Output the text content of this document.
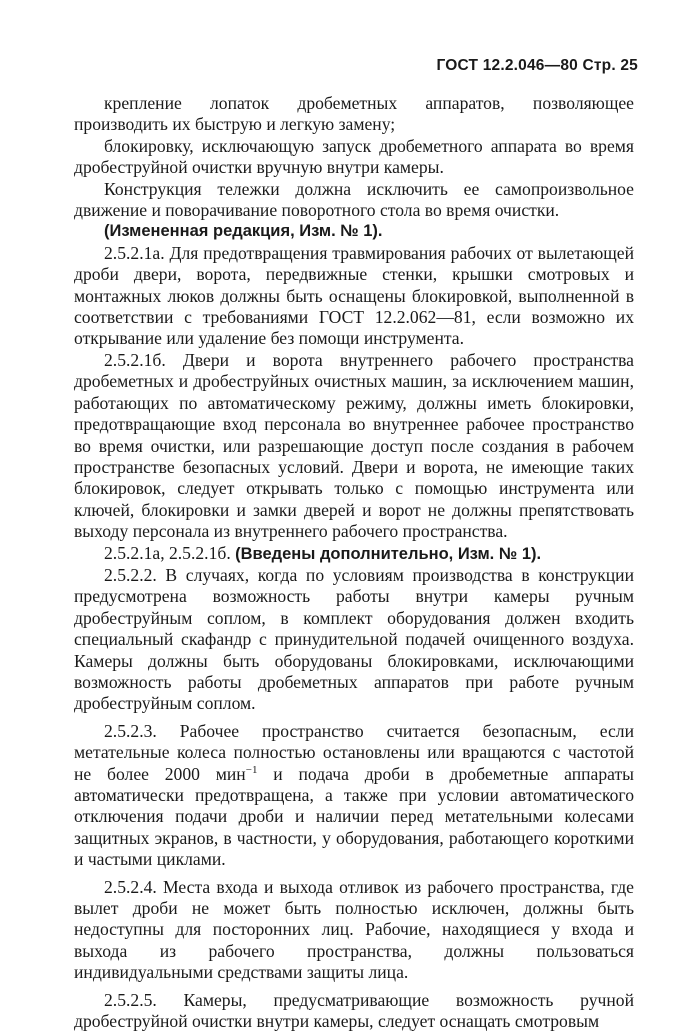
ГОСТ 12.2.046—80 Стр. 25

крепление лопаток дробеметных аппаратов, позволяющее производить их быструю и легкую замену;

блокировку, исключающую запуск дробеметного аппарата во время дробеструйной очистки вручную внутри камеры.

Конструкция тележки должна исключить ее самопроизвольное движение и поворачивание поворотного стола во время очистки.

(Измененная редакция, Изм. № 1).

2.5.2.1а. Для предотвращения травмирования рабочих от вылетающей дроби двери, ворота, передвижные стенки, крышки смотровых и монтажных люков должны быть оснащены блокировкой, выполненной в соответствии с требованиями ГОСТ 12.2.062—81, если возможно их открывание или удаление без помощи инструмента.

2.5.2.1б. Двери и ворота внутреннего рабочего пространства дробеметных и дробеструйных очистных машин, за исключением машин, работающих по автоматическому режиму, должны иметь блокировки, предотвращающие вход персонала во внутреннее рабочее пространство во время очистки, или разрешающие доступ после создания в рабочем пространстве безопасных условий. Двери и ворота, не имеющие таких блокировок, следует открывать только с помощью инструмента или ключей, блокировки и замки дверей и ворот не должны препятствовать выходу персонала из внутреннего рабочего пространства.

2.5.2.1а, 2.5.2.1б. (Введены дополнительно, Изм. № 1).

2.5.2.2. В случаях, когда по условиям производства в конструкции предусмотрена возможность работы внутри камеры ручным дробеструйным соплом, в комплект оборудования должен входить специальный скафандр с принудительной подачей очищенного воздуха. Камеры должны быть оборудованы блокировками, исключающими возможность работы дробеметных аппаратов при работе ручным дробеструйным соплом.

2.5.2.3. Рабочее пространство считается безопасным, если метательные колеса полностью остановлены или вращаются с частотой не более 2000 мин$^{-1}$ и подача дроби в дробеметные аппараты автоматически предотвращена, а также при условии автоматического отключения подачи дроби и наличии перед метательными колесами защитных экранов, в частности, у оборудования, работающего короткими и частыми циклами.

2.5.2.4. Места входа и выхода отливок из рабочего пространства, где вылет дроби не может быть полностью исключен, должны быть недоступны для посторонних лиц. Рабочие, находящиеся у входа и выхода из рабочего пространства, должны пользоваться индивидуальными средствами защиты лица.

2.5.2.5. Камеры, предусматривающие возможность ручной дробеструйной очистки внутри камеры, следует оснащать смотровым
